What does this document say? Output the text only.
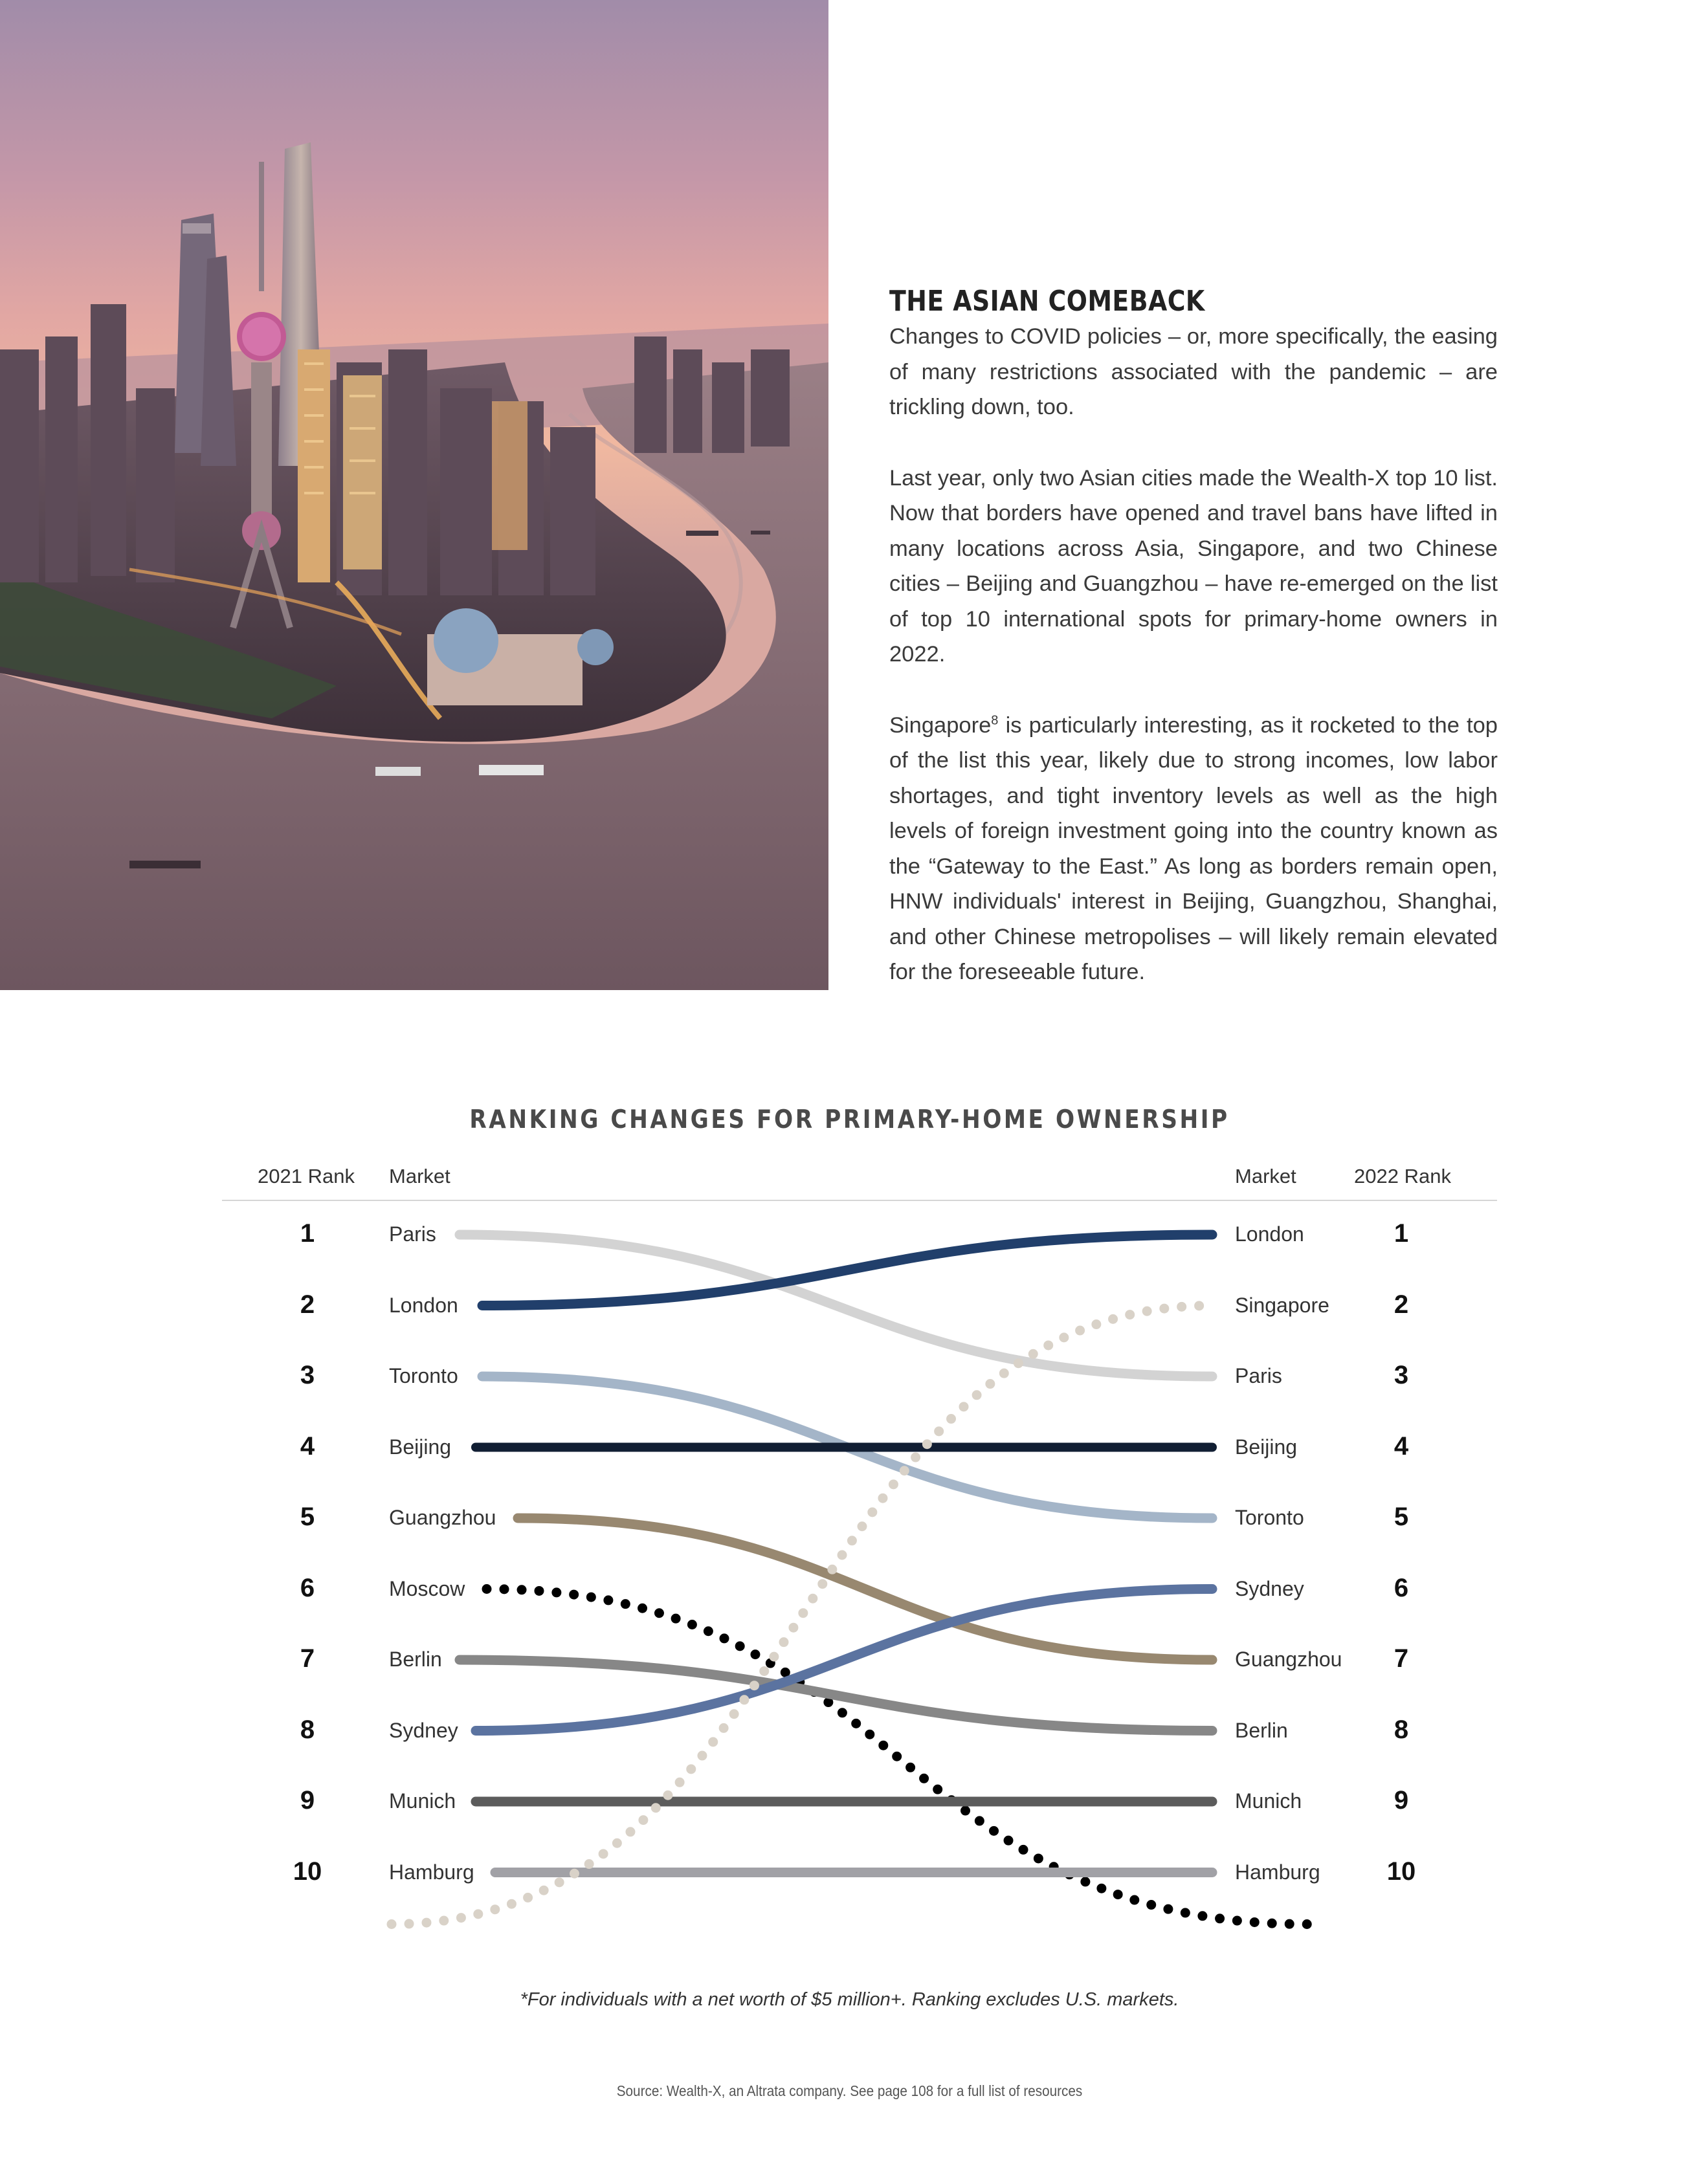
THE ASIAN COMEBACK

Changes to COVID policies – or, more specifically, the easing of many restrictions associated with the pandemic – are trickling down, too.

Last year, only two Asian cities made the Wealth-X top 10 list. Now that borders have opened and travel bans have lifted in many locations across Asia, Singapore, and two Chinese cities – Beijing and Guangzhou – have re-emerged on the list of top 10 international spots for primary-home owners in 2022.

Singapore$^8$ is particularly interesting, as it rocketed to the top of the list this year, likely due to strong incomes, low labor shortages, and tight inventory levels as well as the high levels of foreign investment going into the country known as the “Gateway to the East.” As long as borders remain open, HNW individuals' interest in Beijing, Guangzhou, Shanghai, and other Chinese metropolises – will likely remain elevated for the foreseeable future.

RANKING CHANGES FOR PRIMARY-HOME OWNERSHIP
2021 Rank Market	Market	2022 Rank
1	Paris	London	1
2	London	Singapore	2
3	Toronto	Paris	3
4	Beijing	Beijing	4
5	Guangzhou	Toronto	5
6	Moscow	Sydney	6
7	Berlin	Guangzhou	7
8	Sydney	Berlin	8
9	Munich	Munich	9
10	Hamburg	Hamburg	10
*For individuals with a net worth of $5 million+. Ranking excludes U.S. markets.
Source: Wealth-X, an Altrata company. See page 108 for a full list of resources
